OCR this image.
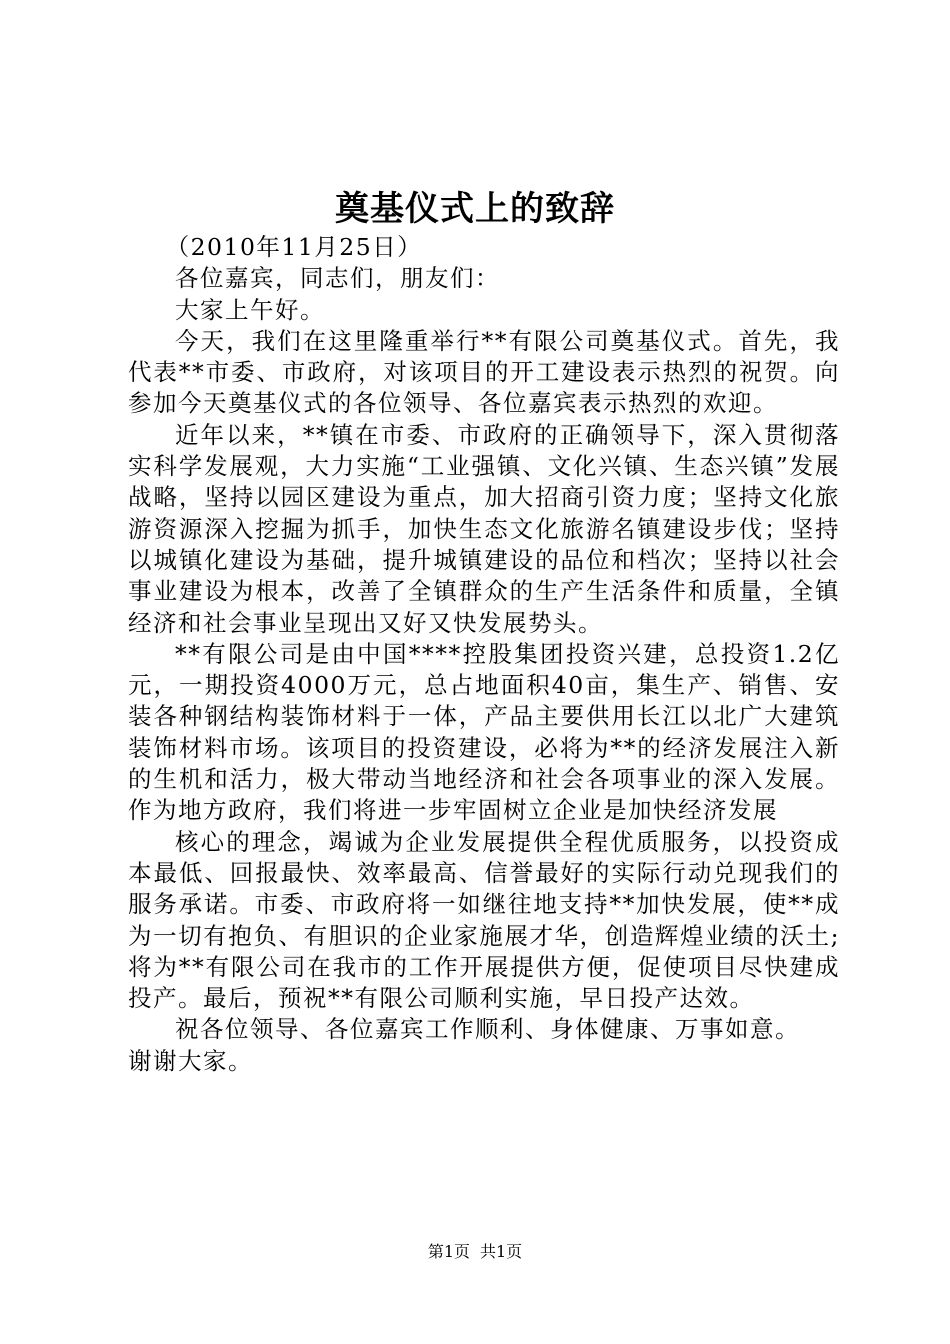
奠基仪式上的致辞

（2010年11月25日）

各位嘉宾，同志们，朋友们：

大家上午好。

今天，我们在这里隆重举行**有限公司奠基仪式。首先，我代表**市委、市政府，对该项目的开工建设表示热烈的祝贺。向参加今天奠基仪式的各位领导、各位嘉宾表示热烈的欢迎。

近年以来，**镇在市委、市政府的正确领导下，深入贯彻落实科学发展观，大力实施“工业强镇、文化兴镇、生态兴镇”发展战略，坚持以园区建设为重点，加大招商引资力度；坚持文化旅游资源深入挖掘为抓手，加快生态文化旅游名镇建设步伐；坚持以城镇化建设为基础，提升城镇建设的品位和档次；坚持以社会事业建设为根本，改善了全镇群众的生产生活条件和质量，全镇经济和社会事业呈现出又好又快发展势头。

**有限公司是由中国****控股集团投资兴建，总投资1.2亿元，一期投资4000万元，总占地面积40亩，集生产、销售、安装各种钢结构装饰材料于一体，产品主要供用长江以北广大建筑装饰材料市场。该项目的投资建设，必将为**的经济发展注入新的生机和活力，极大带动当地经济和社会各项事业的深入发展。作为地方政府，我们将进一步牢固树立企业是加快经济发展

核心的理念，竭诚为企业发展提供全程优质服务，以投资成本最低、回报最快、效率最高、信誉最好的实际行动兑现我们的服务承诺。市委、市政府将一如继往地支持**加快发展，使**成为一切有抱负、有胆识的企业家施展才华，创造辉煌业绩的沃土;将为**有限公司在我市的工作开展提供方便，促使项目尽快建成投产。最后，预祝**有限公司顺利实施，早日投产达效。

祝各位领导、各位嘉宾工作顺利、身体健康、万事如意。

谢谢大家。

第1页 共1页
